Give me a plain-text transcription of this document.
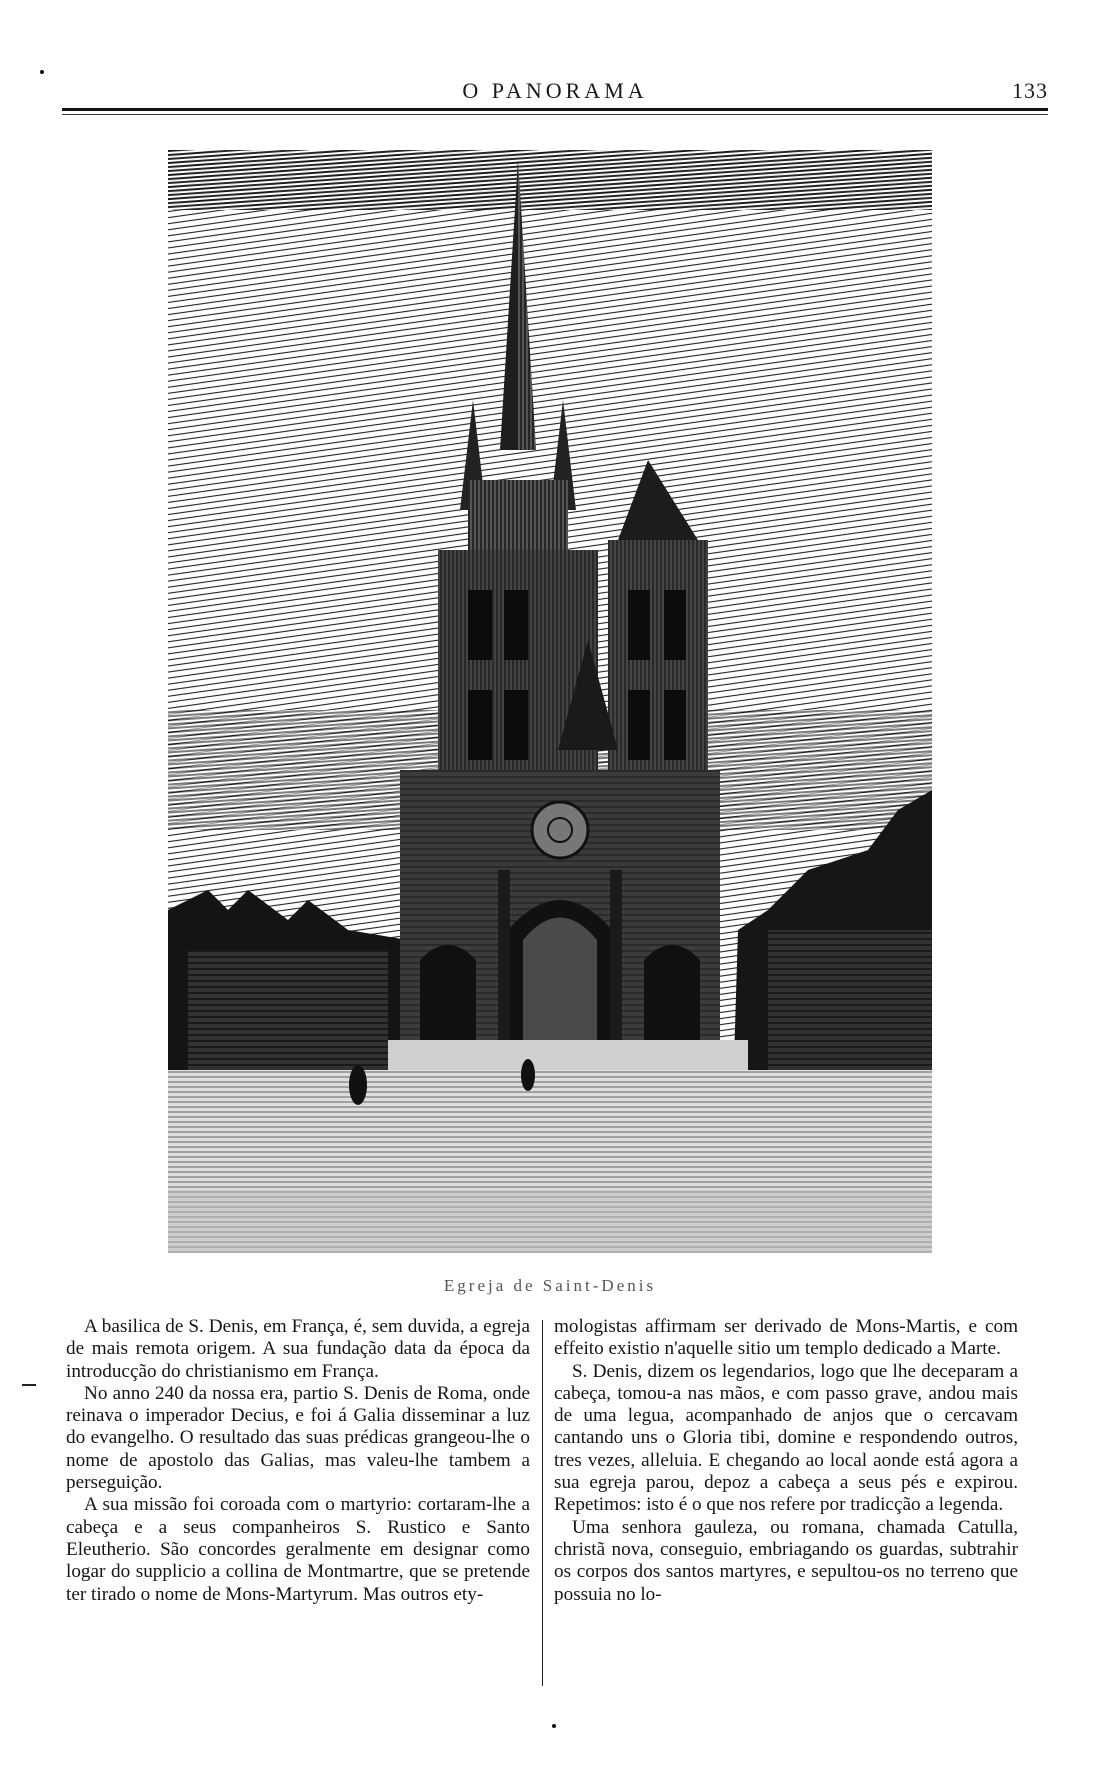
O PANORAMA	133
Egreja de Saint-Denis

A basilica de S. Denis, em França, é, sem duvida, a egreja de mais remota origem. A sua fundação data da época da introducção do christianismo em França.

No anno 240 da nossa era, partio S. Denis de Roma, onde reinava o imperador Decius, e foi á Galia disseminar a luz do evangelho. O resultado das suas prédicas grangeou-lhe o nome de apostolo das Galias, mas valeu-lhe tambem a perseguição.

A sua missão foi coroada com o martyrio: cortaram-lhe a cabeça e a seus companheiros S. Rustico e Santo Eleutherio. São concordes geralmente em designar como logar do supplicio a collina de Montmartre, que se pretende ter tirado o nome de Mons-Martyrum. Mas outros ety-

mologistas affirmam ser derivado de Mons-Martis, e com effeito existio n'aquelle sitio um templo dedicado a Marte.

S. Denis, dizem os legendarios, logo que lhe deceparam a cabeça, tomou-a nas mãos, e com passo grave, andou mais de uma legua, acompanhado de anjos que o cercavam cantando uns o Gloria tibi, domine e respondendo outros, tres vezes, alleluia. E chegando ao local aonde está agora a sua egreja parou, depoz a cabeça a seus pés e expirou. Repetimos: isto é o que nos refere por tradicção a legenda.

Uma senhora gauleza, ou romana, chamada Catulla, christã nova, conseguio, embriagando os guardas, subtrahir os corpos dos santos martyres, e sepultou-os no terreno que possuia no lo-
